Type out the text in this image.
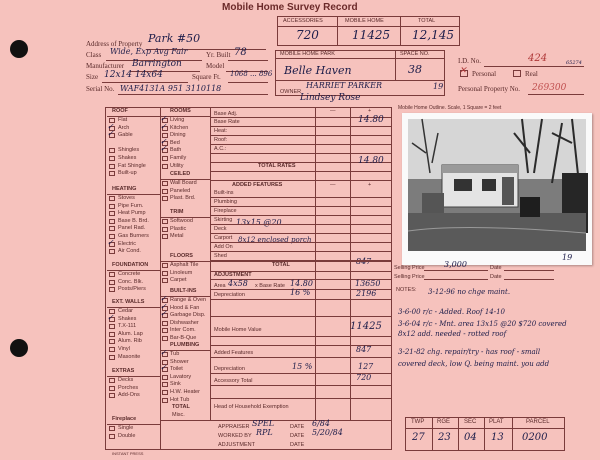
Mobile Home Survey Record
ACCESSORIES	MOBILE HOME	TOTAL
720	11425 12,145
Address of Property Park #50
Class Wide, Exp Avg Fair	Yr. Built 78
Manufacturer Barrington	Model
Size 12x14 14x64	Square Ft. 1068 ... 896
Serial No. WAF4131A 951 3110118
MOBILE HOME PARK	SPACE NO.
Belle Haven	38
OWNER
HARRIET PARKER
Lindsey Rose
19
I.D. No.	424	65274
✕ Personal	Real
Personal Property No. 269300
Mobile Home Outline. Scale, 1 Square = 2 feet
—	+
Base Adj.
Base Rate	14.80
Heat:
Roof:
A.C.:
TOTAL RATES	14.80
ADDED FEATURES	—	+
13x15 @20
8x12 enclosed porch
TOTAL	847
ADJUSTMENT
Area 4x58 x Base Rate 14.80	13650
Depreciation	16 %	2196
Mobile Home Value	11425
Added Features	847
Depreciation	15 %	127
Accessory Total	720
Head of Household Exemption
APPRAISER SPEL	DATE 6/84
WORKED BY RPL	DATE 5/20/84
ADJUSTMENT	DATE
INSTANT PRESS
19
Selling Price 3,000	Date
Selling Price	Date
NOTES:
TWP RGE SEC PLAT	PARCEL
27 23 04 13 0200
ROOF
Flat
✓ Arch
✓ Gable
Shingles
Shakes
Fat Shingle
Built-up
HEATING
Stoves
Pipe Furn.
Heat Pump
Base B. Brd.
Panel Rad.
Gas Burners
✓ Electric
Air Cond.
FOUNDATION
Concrete
Conc. Blk.
Posts/Piers
EXT. WALLS
Cedar
✓ Shakes
T.X-111
Alum. Lap
Alum. Rib
Vinyl
Masonite
EXTRAS
Decks
Porches
Add-Ons
Fireplace
Single
Double
ROOMS
✓ Living
✓ Kitchen
Dining
✓ Bed
✓ Bath
Family
Utility
CEILED
Wall Board
Paneled
Plast. Brd.
TRIM
Softwood
Plastic
Metal
FLOORS
Asphalt Tile
Linoleum
Carpet
BUILT-INS
✓ Range & Oven
✓ Hood & Fan
✓ Garbage Disp.
Dishwasher
Inter Com.
Bar-B-Que
PLUMBING
✓ Tub
Shower
✓ Toilet
Lavatory
Sink
H.W. Heater
Hot Tub
TOTAL
Misc.
Built-ins
Plumbing
Fireplace
Skirting
Deck
Carport
Add On
Shed
3-12-96 no chge maint.
3-6-00 r/c - Added. Roof 14-10
3-6-04 r/c - Mnt. area 13x15 @20 $720 covered
8x12 add. needed - rotted roof
3-21-82 chg. repair/try - has roof - small
covered deck, low Q. being maint. you add
